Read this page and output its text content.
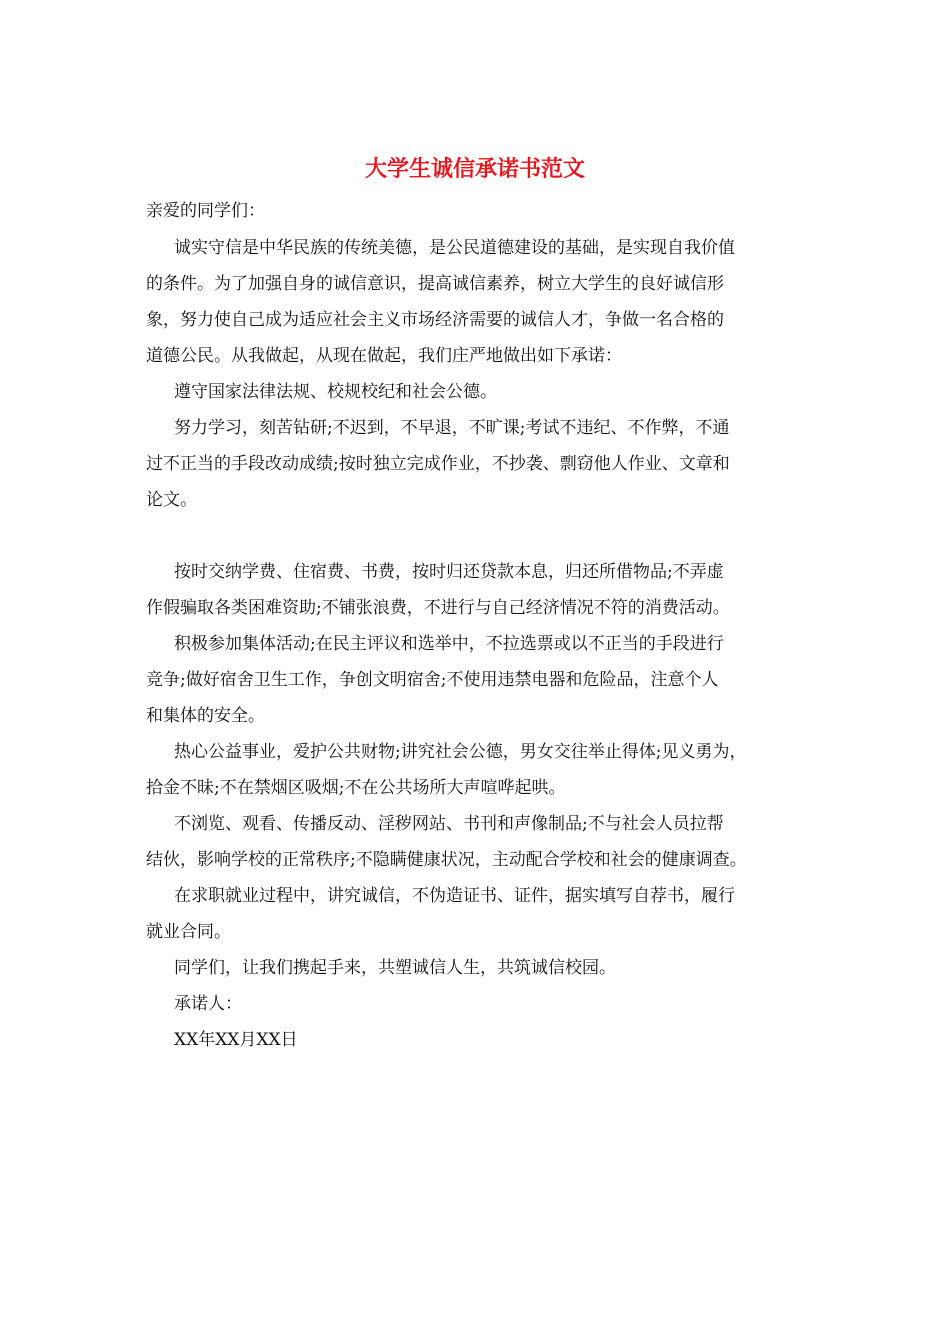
大学生诚信承诺书范文

亲爱的同学们：

诚实守信是中华民族的传统美德，是公民道德建设的基础，是实现自我价值

的条件。为了加强自身的诚信意识，提高诚信素养，树立大学生的良好诚信形

象，努力使自己成为适应社会主义市场经济需要的诚信人才，争做一名合格的

道德公民。从我做起，从现在做起，我们庄严地做出如下承诺：

遵守国家法律法规、校规校纪和社会公德。

努力学习，刻苦钻研;不迟到，不早退，不旷课;考试不违纪、不作弊，不通

过不正当的手段改动成绩;按时独立完成作业，不抄袭、剽窃他人作业、文章和

论文。

按时交纳学费、住宿费、书费，按时归还贷款本息，归还所借物品;不弄虚

作假骗取各类困难资助;不铺张浪费，不进行与自己经济情况不符的消费活动。

积极参加集体活动;在民主评议和选举中，不拉选票或以不正当的手段进行

竞争;做好宿舍卫生工作，争创文明宿舍;不使用违禁电器和危险品，注意个人

和集体的安全。

热心公益事业，爱护公共财物;讲究社会公德，男女交往举止得体;见义勇为，

拾金不昧;不在禁烟区吸烟;不在公共场所大声喧哗起哄。

不浏览、观看、传播反动、淫秽网站、书刊和声像制品;不与社会人员拉帮

结伙，影响学校的正常秩序;不隐瞒健康状况，主动配合学校和社会的健康调查。

在求职就业过程中，讲究诚信，不伪造证书、证件，据实填写自荐书，履行

就业合同。

同学们，让我们携起手来，共塑诚信人生，共筑诚信校园。

承诺人：

XX年XX月XX日
